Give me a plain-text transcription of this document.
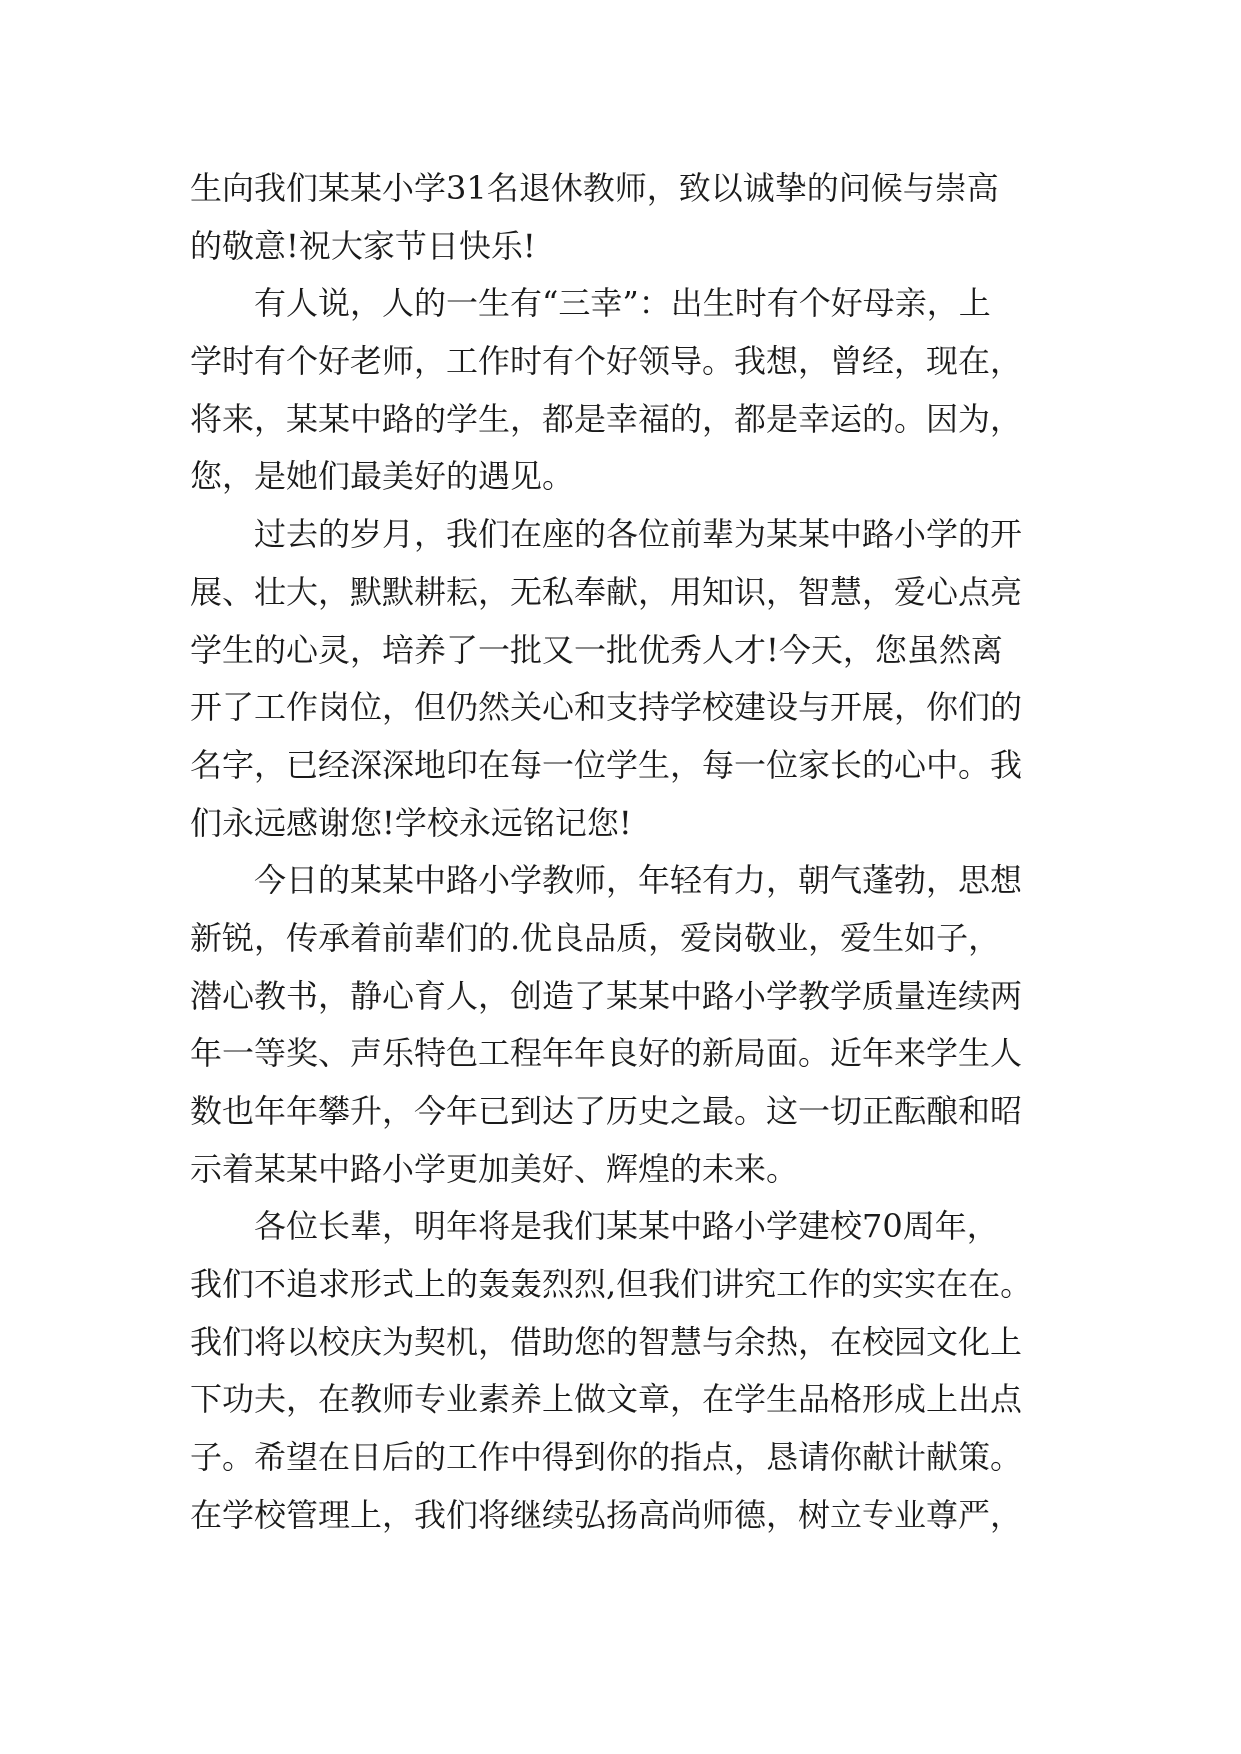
生向我们某某小学31名退休教师，致以诚挚的问候与崇高
的敬意!祝大家节日快乐!
有人说，人的一生有“三幸”：出生时有个好母亲，上
学时有个好老师，工作时有个好领导。我想，曾经，现在，
将来，某某中路的学生，都是幸福的，都是幸运的。因为，
您，是她们最美好的遇见。
过去的岁月，我们在座的各位前辈为某某中路小学的开
展、壮大，默默耕耘，无私奉献，用知识，智慧，爱心点亮
学生的心灵，培养了一批又一批优秀人才!今天，您虽然离
开了工作岗位，但仍然关心和支持学校建设与开展，你们的
名字，已经深深地印在每一位学生，每一位家长的心中。我
们永远感谢您!学校永远铭记您!
今日的某某中路小学教师，年轻有力，朝气蓬勃，思想
新锐，传承着前辈们的.优良品质，爱岗敬业，爱生如子，
潜心教书，静心育人，创造了某某中路小学教学质量连续两
年一等奖、声乐特色工程年年良好的新局面。近年来学生人
数也年年攀升，今年已到达了历史之最。这一切正酝酿和昭
示着某某中路小学更加美好、辉煌的未来。
各位长辈，明年将是我们某某中路小学建校70周年，
我们不追求形式上的轰轰烈烈,但我们讲究工作的实实在在。
我们将以校庆为契机，借助您的智慧与余热，在校园文化上
下功夫，在教师专业素养上做文章，在学生品格形成上出点
子。希望在日后的工作中得到你的指点，恳请你献计献策。
在学校管理上，我们将继续弘扬高尚师德，树立专业尊严，
